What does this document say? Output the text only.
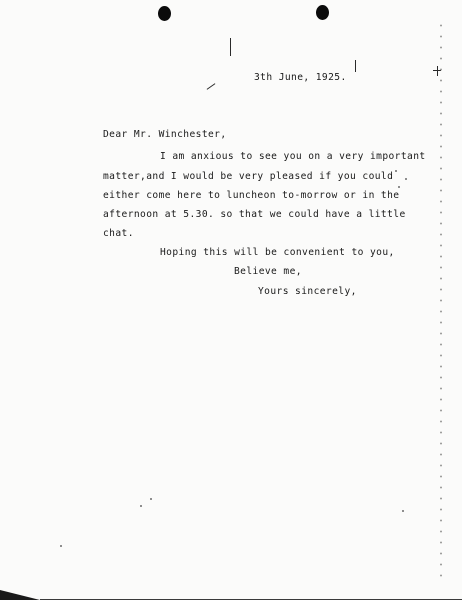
3th June, 1925.
Dear Mr. Winchester,
I am anxious to see you on a very important
matter,and I would be very pleased if you could
either come here to luncheon to-morrow or in the
afternoon at 5.30. so that we could have a little
chat.
Hoping this will be convenient to you,
Believe me,
Yours sincerely,
